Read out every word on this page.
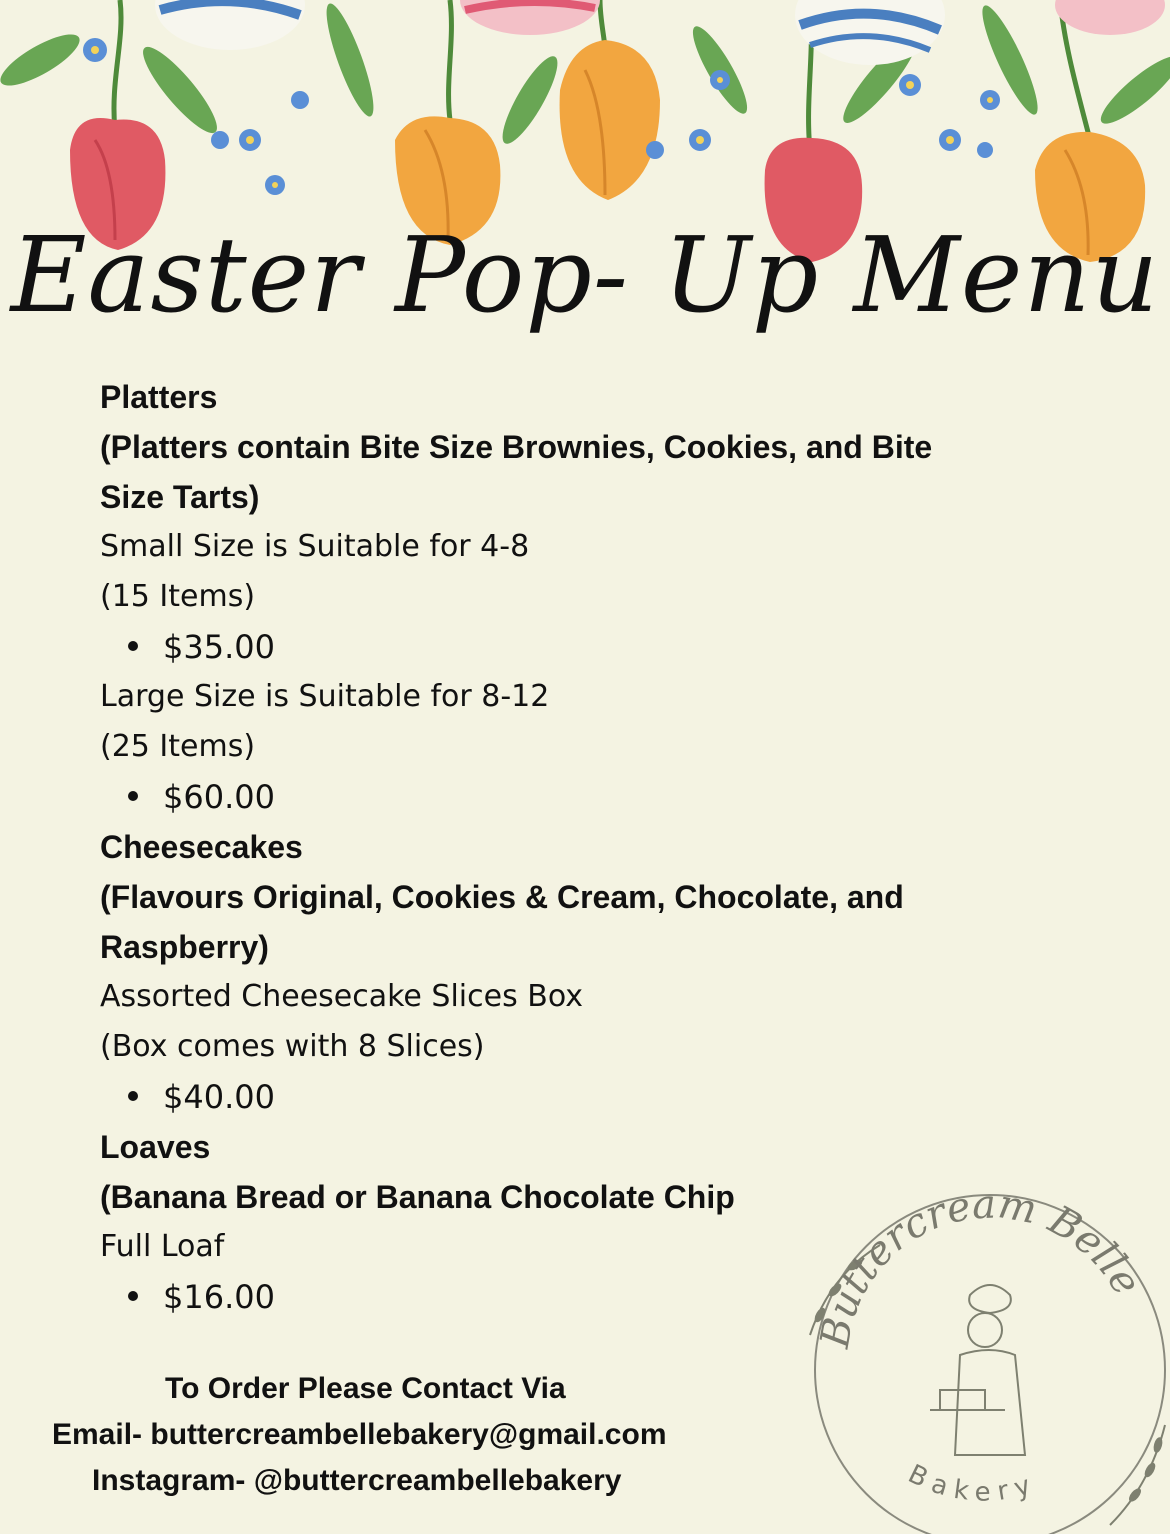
Easter Pop- Up Menu
Platters
(Platters contain Bite Size Brownies, Cookies, and Bite
Size Tarts)
Small Size is Suitable for 4-8
(15 Items)
$35.00
Large Size is Suitable for 8-12
(25 Items)
$60.00
Cheesecakes
(Flavours Original, Cookies & Cream, Chocolate, and
Raspberry)
Assorted Cheesecake Slices Box
(Box comes with 8 Slices)
$40.00
Loaves
(Banana Bread or Banana Chocolate Chip
Full Loaf
$16.00
To Order Please Contact Via
Email- buttercreambellebakery@gmail.com
Instagram- @buttercreambellebakery
Buttercream Belle
Bakery
